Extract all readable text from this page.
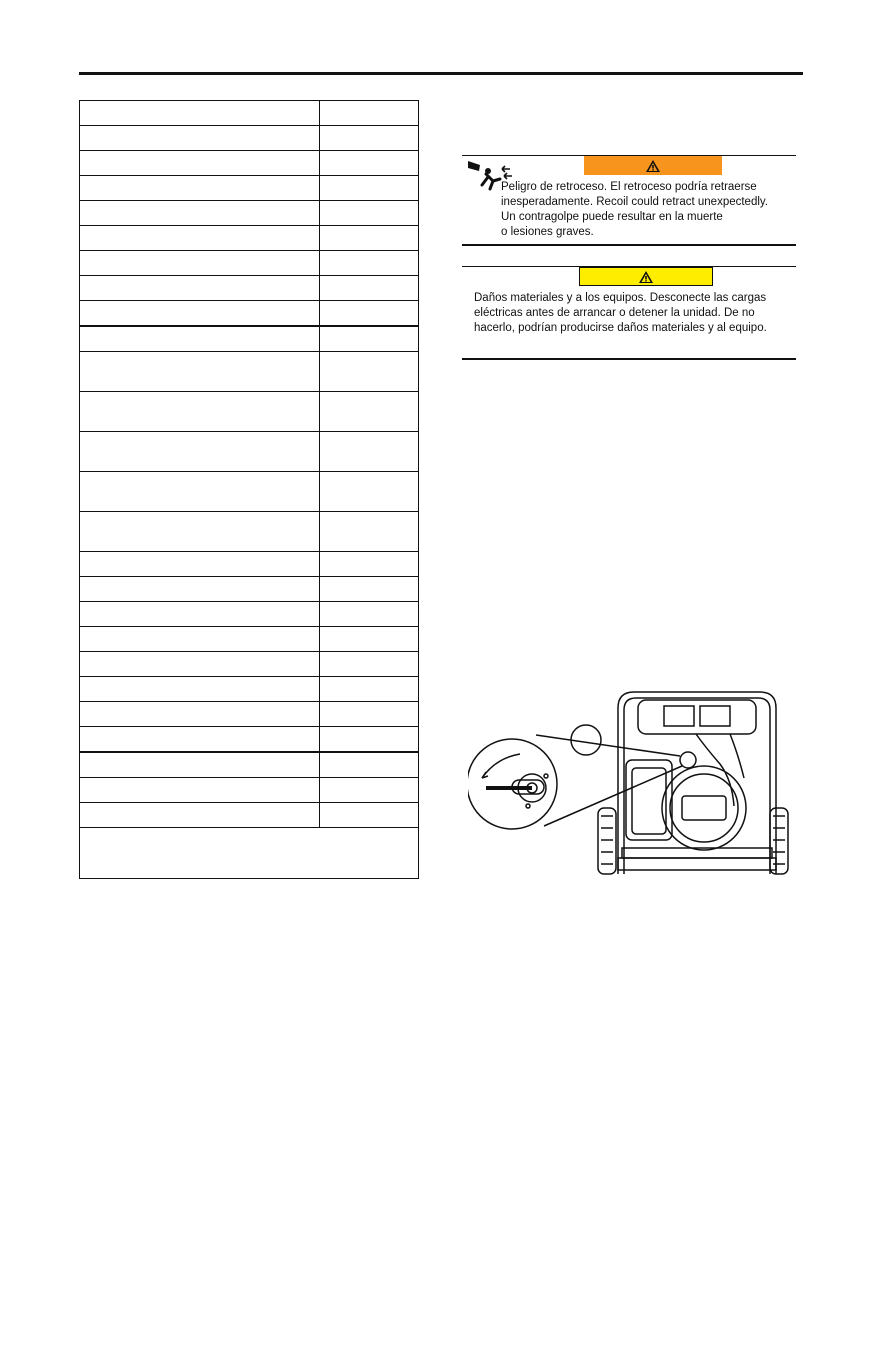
Peligro de retroceso. El retroceso podría retraerse
inesperadamente. Recoil could retract unexpectedly.
Un contragolpe puede resultar en la muerte
o lesiones graves.
Daños materiales y a los equipos. Desconecte las cargas
eléctricas antes de arrancar o detener la unidad. De no
hacerlo, podrían producirse daños materiales y al equipo.
